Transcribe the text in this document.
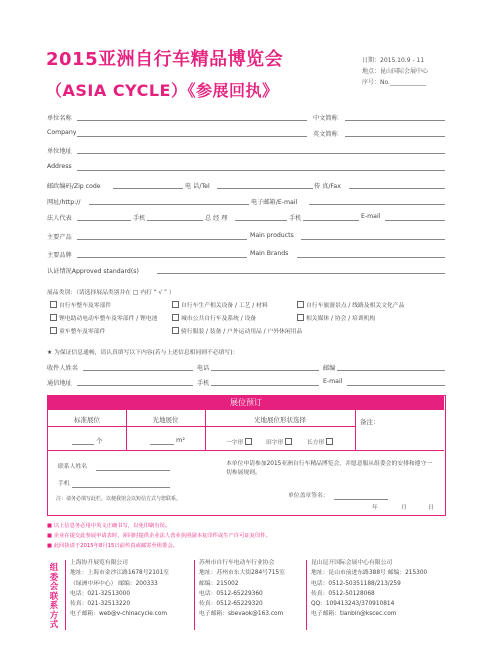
2015亚洲自行车精品博览会
（ASIA CYCLE）《参展回执》
日期：2015.10.9 - 11
地点：昆山国际会展中心
序号：No.____________
单位名称	中文简称
Company	英文简称
单位地址
Address
邮政编码/Zip code	电 话/Tel	传 真/Fax
网址/http://	电子邮箱/E-mail
法人代表	手机	总 经 理	手机	E-mail
主要产品	Main products
主要品牌	Main Brands
认证情况Approved standard(s)
展品类别：（请选择展品类别并在 □ 内打 “ √ ” ）
自行车整车及零部件	自行车生产相关设备 / 工艺 / 材料	自行车旅游景点 / 线路及相关文化产品
锂电助动电动车整车及零部件 / 锂电池	城市公共自行车及系统 / 设备	相关媒体 / 协会 / 培训机构
童车整车及零部件	骑行服装 / 装备 / 户外运动用品 / 户外休闲用品
★ 为保证信息通畅，请认真填写以下内容(若与上述信息相同则不必填写)：
收件人姓名	电话	邮编
通信地址	手机	E-mail
展位预订
标准展位	光地展位	光地展位形状选择	备注：
个	m²	一字形	田字形	长方形
联系人姓名
手机
注：请务必填写此栏，以便我馆会以短信方式与您联系。
本单位申请参加2015亚洲自行车精品博览会，并愿意服从组委会的安排和遵守一切参展规则。
单位盖章签名：
年	月	日
■ 以上信息务必用中英文正确书写，以免印刷有误。
■ 企业在提交此参展申请表时，须同时提供企业法人营业执照副本复印件或生产许可证复印件。
■ 此回执请于2015年8月15日前传真或邮寄至组委会。
组委会联系方式
上海协升展览有限公司
地址：上海市金沙江路1678号2101室
（绿洲中环中心） 邮编：200333
电话：021-32513000
传真：021-32513220
电子邮箱：web@v-chinacycle.com
苏州市自行车电动车行业协会
地址：苏州市东大街284号715室
邮编：215002
电话：0512-65229360
传真：0512-65229320
电子邮箱：sbevaok@163.com
昆山昆开国际会展中心有限公司
地址：昆山市前进东路388号 邮编：215300
电话：0512-50351188/213/259
传真：0512-50128068
QQ：109413243/370910814
电子邮箱：tianbin@kscec.com
